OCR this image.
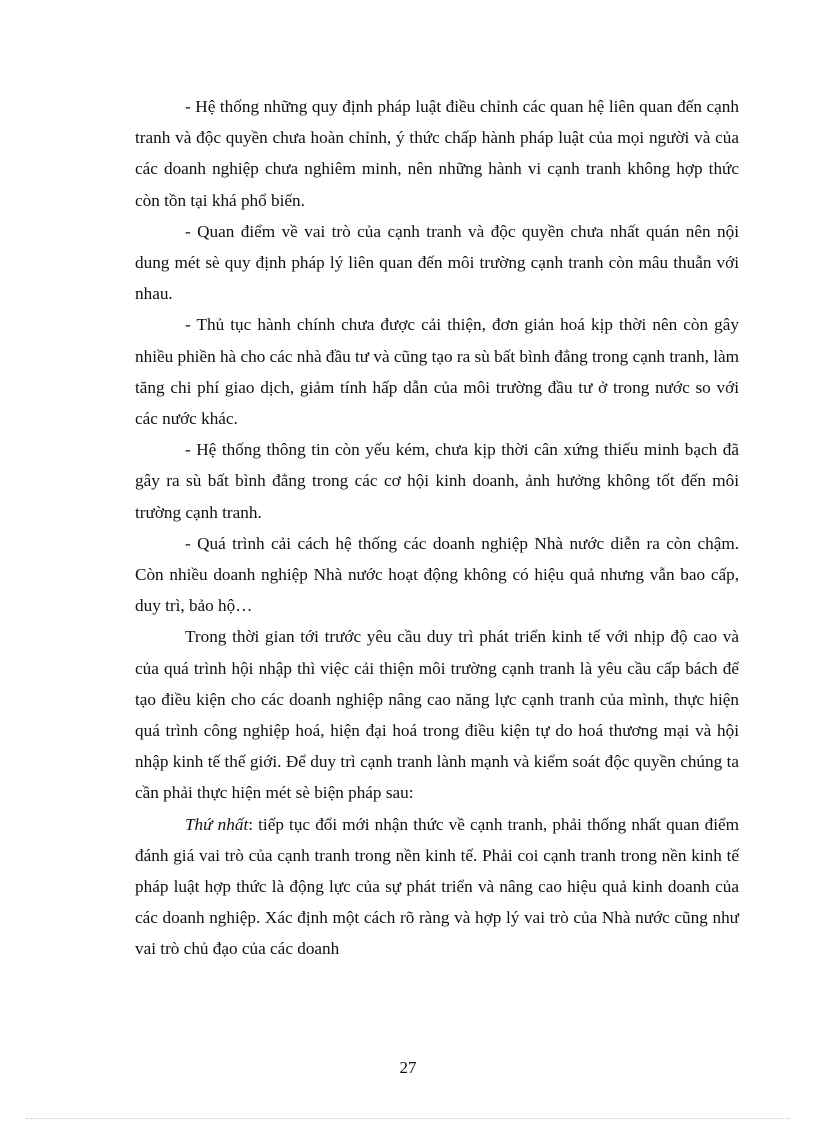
- Hệ thống những quy định pháp luật điều chỉnh các quan hệ liên quan đến cạnh tranh và độc quyền chưa hoàn chỉnh, ý thức chấp hành pháp luật của mọi người và của các doanh nghiệp chưa nghiêm minh, nên những hành vi cạnh tranh không hợp thức còn tồn tại khá phổ biến.

- Quan điểm về vai trò của cạnh tranh và độc quyền chưa nhất quán nên nội dung mét sè quy định pháp lý liên quan đến môi trường cạnh tranh còn mâu thuẫn với nhau.

- Thủ tục hành chính chưa được cải thiện, đơn giản hoá kịp thời nên còn gây nhiều phiền hà cho các nhà đầu tư và cũng tạo ra sù bất bình đẳng trong cạnh tranh, làm tăng chi phí giao dịch, giảm tính hấp dẫn của môi trường đầu tư ở trong nước so với các nước khác.

- Hệ thống thông tin còn yếu kém, chưa kịp thời cân xứng thiếu minh bạch đã gây ra sù bất bình đẳng trong các cơ hội kinh doanh, ảnh hưởng không tốt đến môi trường cạnh tranh.

- Quá trình cải cách hệ thống các doanh nghiệp Nhà nước diễn ra còn chậm. Còn nhiều doanh nghiệp Nhà nước hoạt động không có hiệu quả nhưng vẫn bao cấp, duy trì, bảo hộ…

Trong thời gian tới trước yêu cầu duy trì phát triển kinh tế với nhịp độ cao và của quá trình hội nhập thì việc cải thiện môi trường cạnh tranh là yêu cầu cấp bách để tạo điều kiện cho các doanh nghiệp nâng cao năng lực cạnh tranh của mình, thực hiện quá trình công nghiệp hoá, hiện đại hoá trong điều kiện tự do hoá thương mại và hội nhập kinh tế thế giới. Để duy trì cạnh tranh lành mạnh và kiểm soát độc quyền chúng ta cần phải thực hiện mét sè biện pháp sau:

Thứ nhất: tiếp tục đổi mới nhận thức về cạnh tranh, phải thống nhất quan điểm đánh giá vai trò của cạnh tranh trong nền kinh tế. Phải coi cạnh tranh trong nền kinh tế pháp luật hợp thức là động lực của sự phát triển và nâng cao hiệu quả kinh doanh của các doanh nghiệp. Xác định một cách rõ ràng và hợp lý vai trò của Nhà nước cũng như vai trò chủ đạo của các doanh

27
